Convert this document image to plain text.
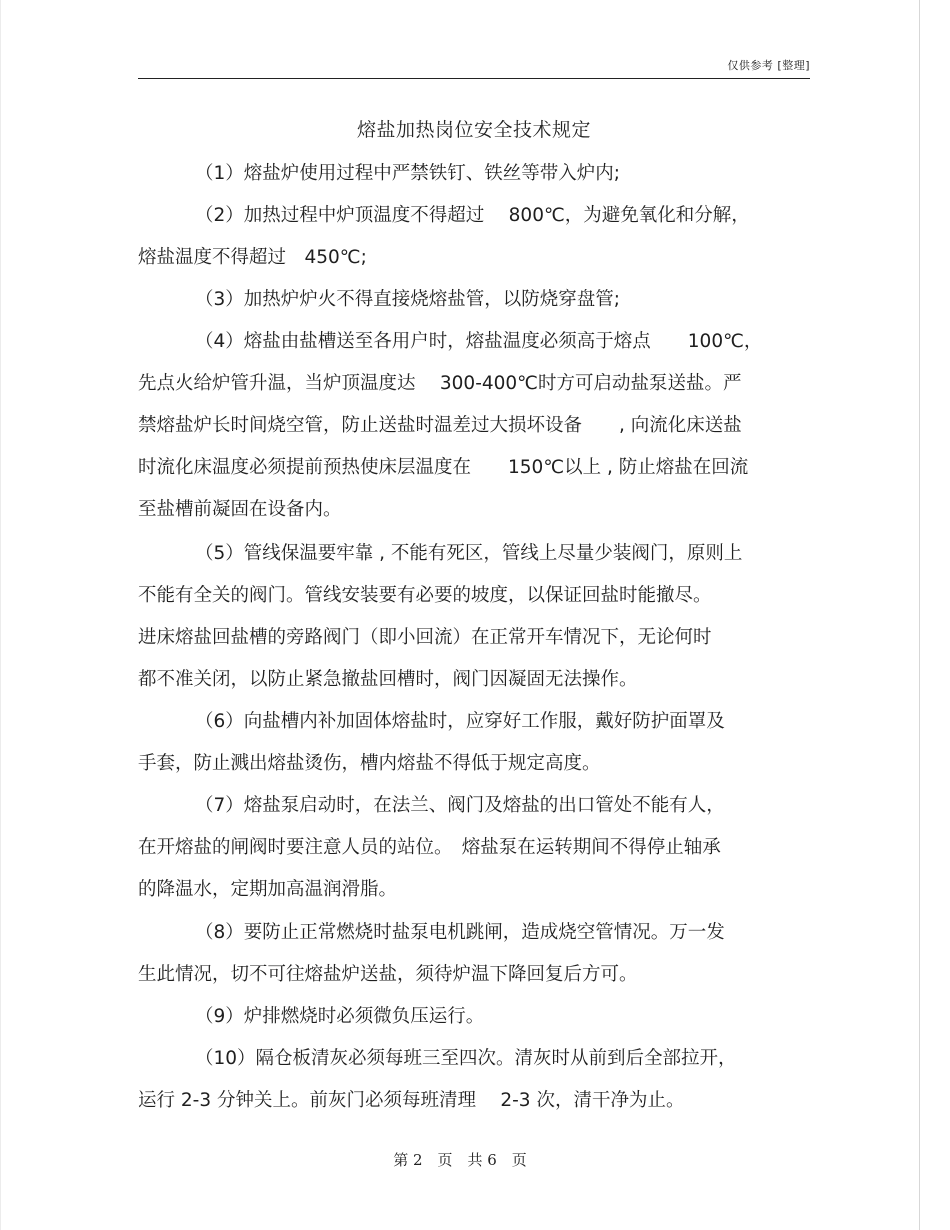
仅供参考 [整理]
熔盐加热岗位安全技术规定
（1）熔盐炉使用过程中严禁铁钉、铁丝等带入炉内;
（2）加热过程中炉顶温度不得超过　 800℃，为避免氧化和分解，
熔盐温度不得超过　450℃;
（3）加热炉炉火不得直接烧熔盐管，以防烧穿盘管;
（4）熔盐由盐槽送至各用户时，熔盐温度必须高于熔点　　100℃，
先点火给炉管升温，当炉顶温度达　 300-400℃时方可启动盐泵送盐。严
禁熔盐炉长时间烧空管，防止送盐时温差过大损坏设备　　, 向流化床送盐
时流化床温度必须提前预热使床层温度在　　150℃以上 , 防止熔盐在回流
至盐槽前凝固在设备内。
（5）管线保温要牢靠 , 不能有死区，管线上尽量少装阀门，原则上
不能有全关的阀门。管线安装要有必要的坡度，以保证回盐时能撤尽。
进床熔盐回盐槽的旁路阀门（即小回流）在正常开车情况下，无论何时
都不准关闭，以防止紧急撤盐回槽时，阀门因凝固无法操作。
（6）向盐槽内补加固体熔盐时，应穿好工作服，戴好防护面罩及
手套，防止溅出熔盐烫伤，槽内熔盐不得低于规定高度。
（7）熔盐泵启动时，在法兰、阀门及熔盐的出口管处不能有人，
在开熔盐的闸阀时要注意人员的站位。　熔盐泵在运转期间不得停止轴承
的降温水，定期加高温润滑脂。
（8）要防止正常燃烧时盐泵电机跳闸，造成烧空管情况。万一发
生此情况，切不可往熔盐炉送盐，须待炉温下降回复后方可。
（9）炉排燃烧时必须微负压运行。
（10）隔仓板清灰必须每班三至四次。清灰时从前到后全部拉开，
运行 2-3 分钟关上。前灰门必须每班清理　 2-3 次，清干净为止。
第 2　页　共 6　页
